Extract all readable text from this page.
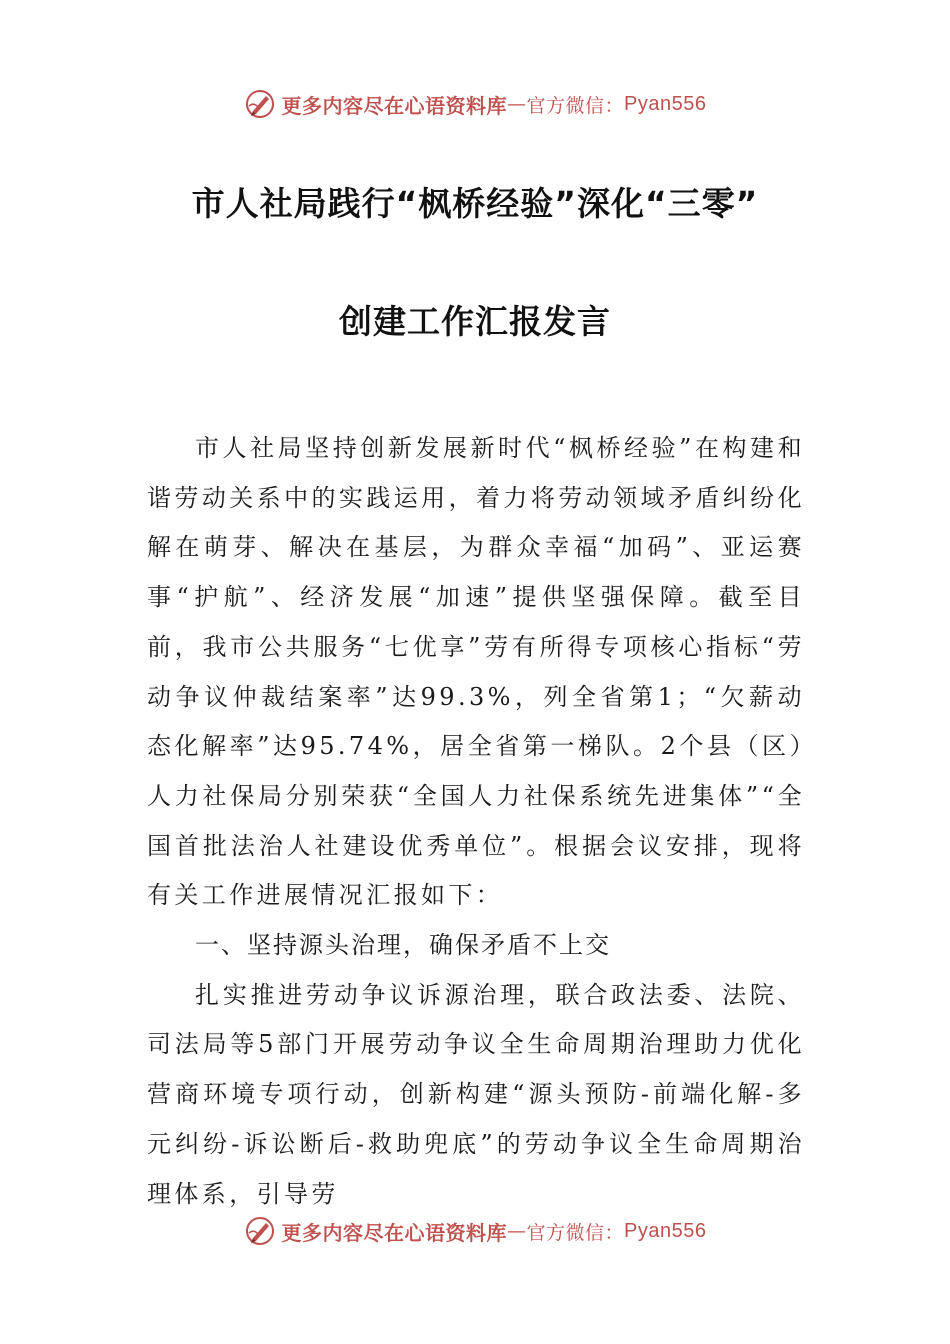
更多内容尽在心语资料库 — 官方微信： Pyan556
市人社局践行“枫桥经验”深化“三零”
创建工作汇报发言

市人社局坚持创新发展新时代“枫桥经验”在构建和谐劳动关系中的实践运用，着力将劳动领域矛盾纠纷化解在萌芽、解决在基层，为群众幸福“加码”、亚运赛事“护航”、经济发展“加速”提供坚强保障。截至目前，我市公共服务“七优享”劳有所得专项核心指标“劳动争议仲裁结案率”达99.3%，列全省第1；“欠薪动态化解率”达95.74%，居全省第一梯队。2个县（区）人力社保局分别荣获“全国人力社保系统先进集体”“全国首批法治人社建设优秀单位”。根据会议安排，现将有关工作进展情况汇报如下：

一、坚持源头治理，确保矛盾不上交

扎实推进劳动争议诉源治理，联合政法委、法院、司法局等5部门开展劳动争议全生命周期治理助力优化营商环境专项行动，创新构建“源头预防-前端化解-多元纠纷-诉讼断后-救助兜底”的劳动争议全生命周期治理体系，引导劳

更多内容尽在心语资料库 — 官方微信： Pyan556
